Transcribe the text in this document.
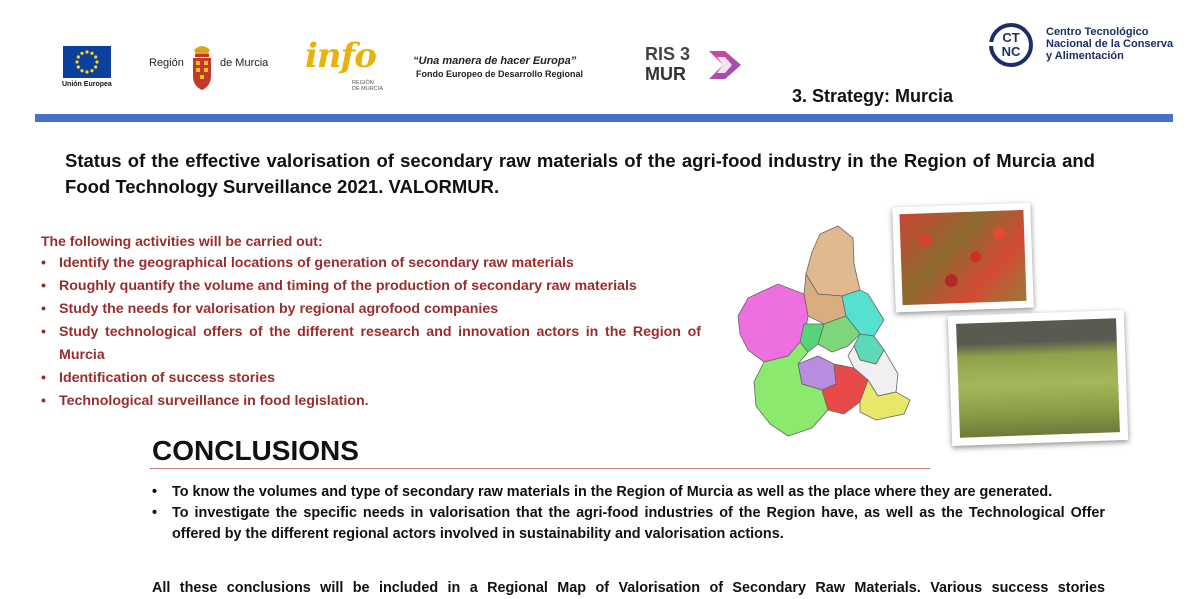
Unión Europea
Región	de Murcia info
REGIÓN
DE MURCIA
“Una manera de hacer Europa”
Fondo Europeo de Desarrollo Regional
RIS 3
MUR
CT
NC
Centro Tecnológico
Nacional de la Conserva
y Alimentación
3. Strategy: Murcia
Status of the effective valorisation of secondary raw materials of the agri-food industry in the Region of Murcia and Food Technology Surveillance 2021. VALORMUR.
The following activities will be carried out:
• Identify the geographical locations of generation of secondary raw materials
• Roughly quantify the volume and timing of the production of secondary raw materials
• Study the needs for valorisation by regional agrofood companies
• Study technological offers of the different research and innovation actors in the Region of Murcia
• Identification of success stories
• Technological surveillance in food legislation.
CONCLUSIONS
• To know the volumes and type of secondary raw materials in the Region of Murcia as well as the place where they are generated.
• To investigate the specific needs in valorisation that the agri-food industries of the Region have, as well as the Technological Offer offered by the different regional actors involved in sustainability and valorisation actions.
All these conclusions will be included in a Regional Map of Valorisation of Secondary Raw Materials. Various success stories
